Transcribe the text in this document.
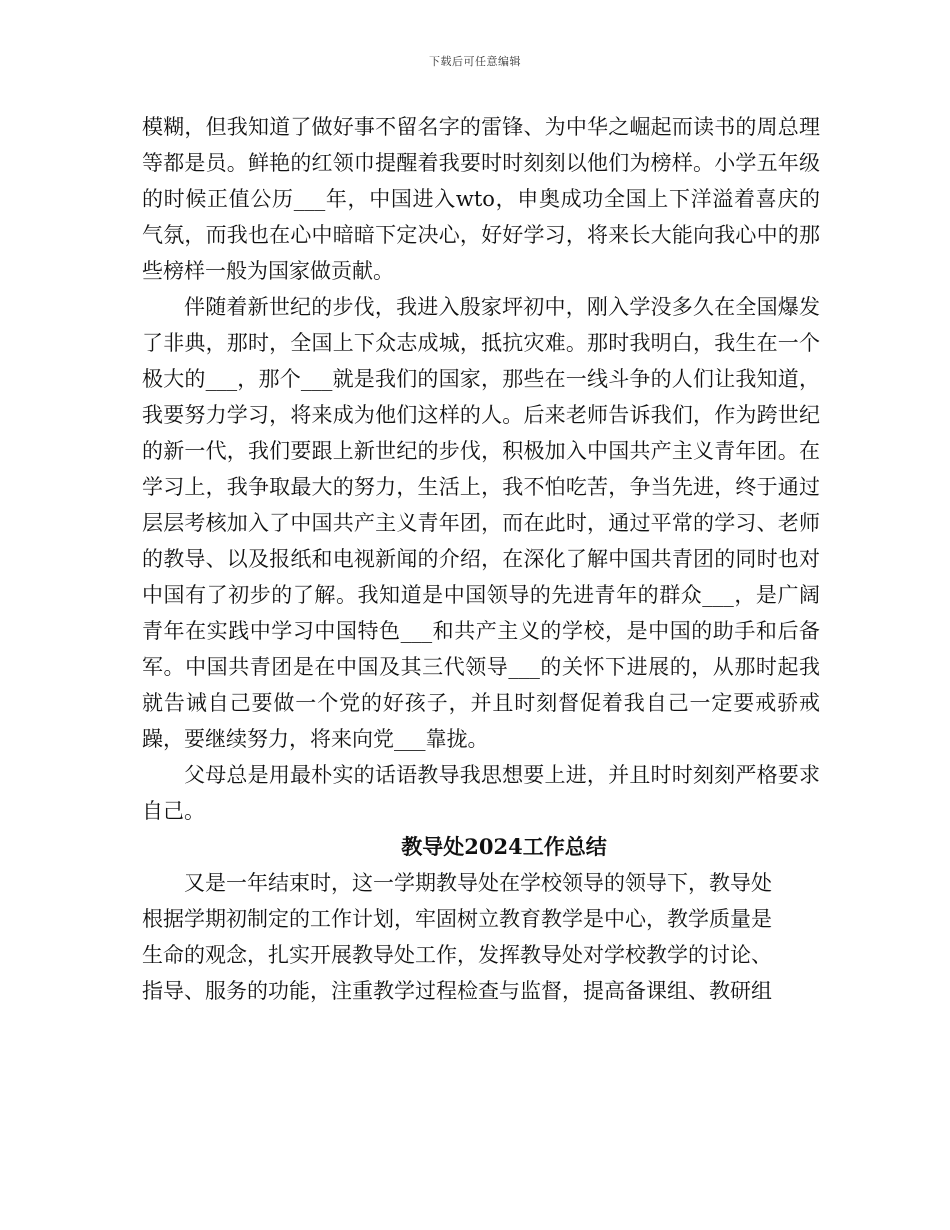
下载后可任意编辑

模糊，但我知道了做好事不留名字的雷锋、为中华之崛起而读书的周总理等都是员。鲜艳的红领巾提醒着我要时时刻刻以他们为榜样。小学五年级的时候正值公历___年，中国进入wto，申奥成功全国上下洋溢着喜庆的气氛，而我也在心中暗暗下定决心，好好学习，将来长大能向我心中的那些榜样一般为国家做贡献。

伴随着新世纪的步伐，我进入殷家坪初中，刚入学没多久在全国爆发了非典，那时，全国上下众志成城，抵抗灾难。那时我明白，我生在一个极大的___，那个___就是我们的国家，那些在一线斗争的人们让我知道，我要努力学习，将来成为他们这样的人。后来老师告诉我们，作为跨世纪的新一代，我们要跟上新世纪的步伐，积极加入中国共产主义青年团。在学习上，我争取最大的努力，生活上，我不怕吃苦，争当先进，终于通过层层考核加入了中国共产主义青年团，而在此时，通过平常的学习、老师的教导、以及报纸和电视新闻的介绍，在深化了解中国共青团的同时也对中国有了初步的了解。我知道是中国领导的先进青年的群众___，是广阔青年在实践中学习中国特色___和共产主义的学校，是中国的助手和后备军。中国共青团是在中国及其三代领导___的关怀下进展的，从那时起我就告诫自己要做一个党的好孩子，并且时刻督促着我自己一定要戒骄戒躁，要继续努力，将来向党___靠拢。

父母总是用最朴实的话语教导我思想要上进，并且时时刻刻严格要求自己。

教导处2024工作总结

又是一年结束时，这一学期教导处在学校领导的领导下，教导处

根据学期初制定的工作计划，牢固树立教育教学是中心，教学质量是

生命的观念，扎实开展教导处工作，发挥教导处对学校教学的讨论、

指导、服务的功能，注重教学过程检查与监督，提高备课组、教研组
